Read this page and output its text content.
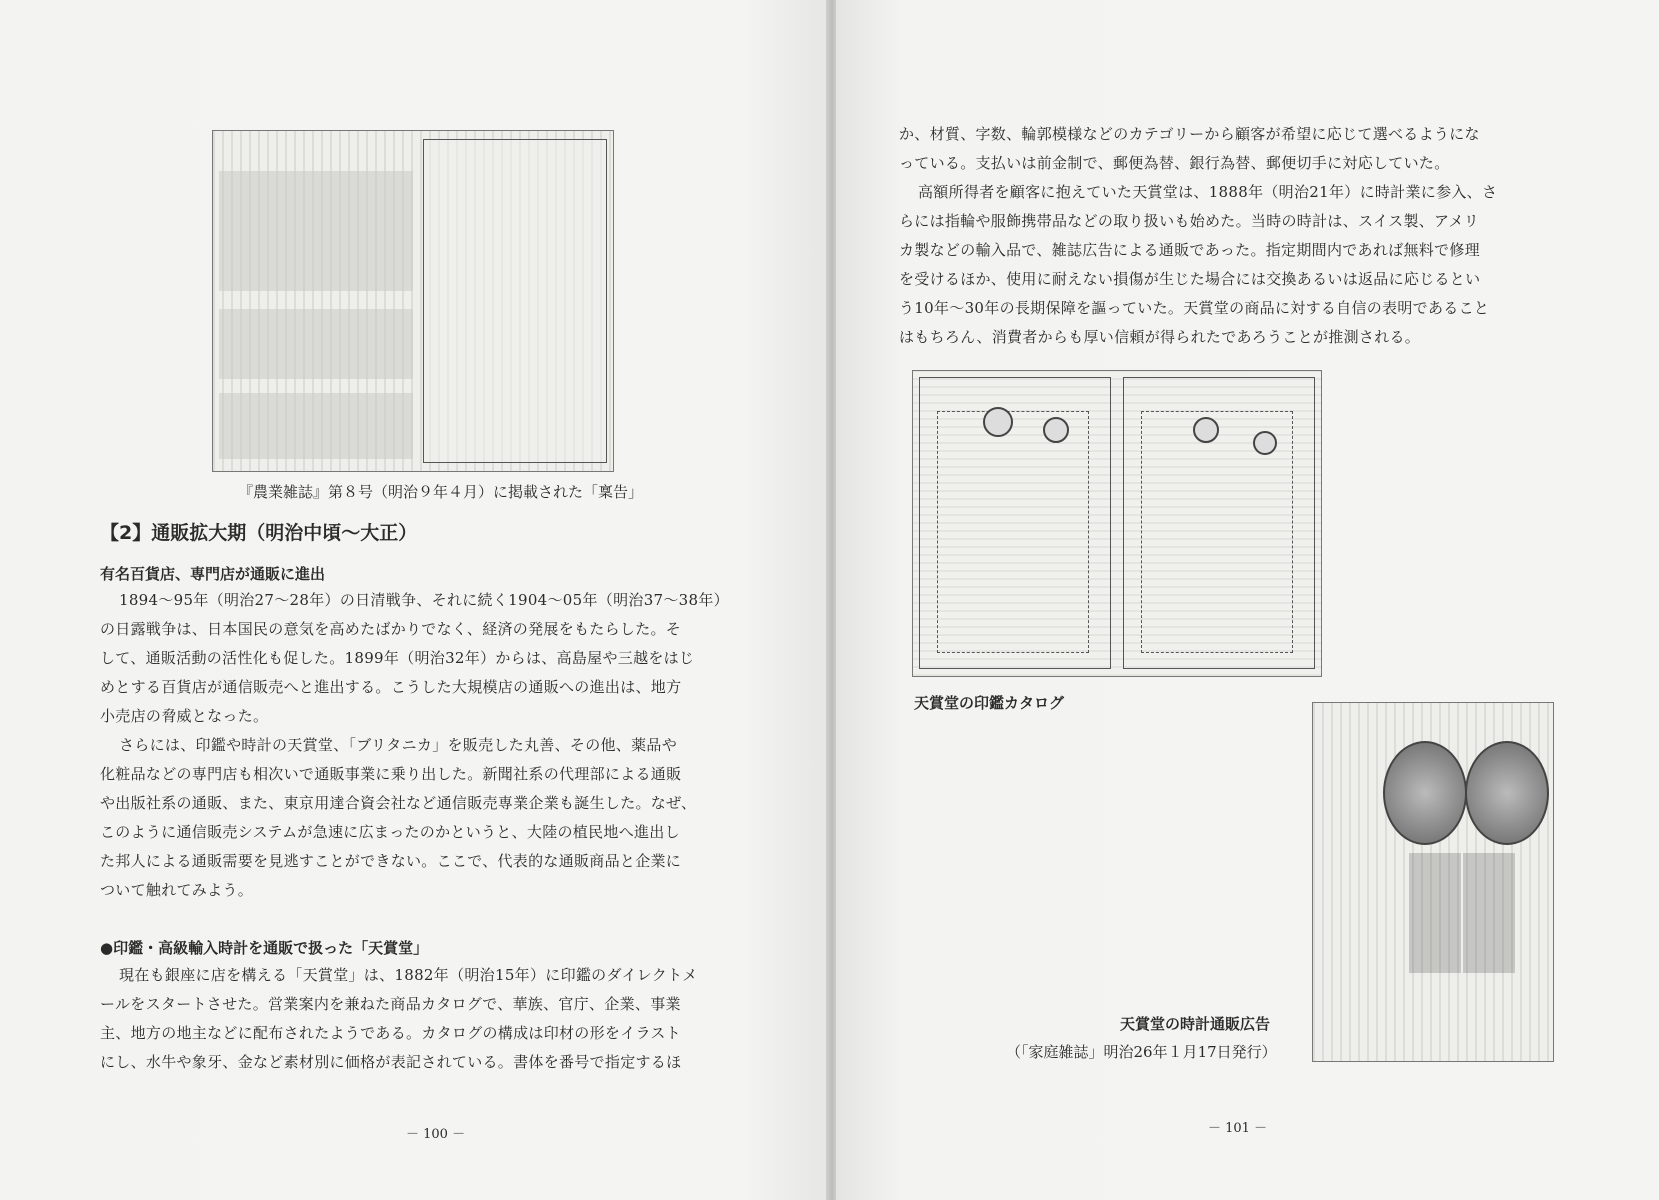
『農業雑誌』第８号（明治９年４月）に掲載された「稟告」
【2】通販拡大期（明治中頃～大正）
有名百貨店、専門店が通販に進出
1894～95年（明治27～28年）の日清戦争、それに続く1904～05年（明治37～38年）
の日露戦争は、日本国民の意気を高めたばかりでなく、経済の発展をもたらした。そ
して、通販活動の活性化も促した。1899年（明治32年）からは、高島屋や三越をはじ
めとする百貨店が通信販売へと進出する。こうした大規模店の通販への進出は、地方
小売店の脅威となった。
さらには、印鑑や時計の天賞堂、「ブリタニカ」を販売した丸善、その他、薬品や
化粧品などの専門店も相次いで通販事業に乗り出した。新聞社系の代理部による通販
や出版社系の通販、また、東京用達合資会社など通信販売専業企業も誕生した。なぜ、
このように通信販売システムが急速に広まったのかというと、大陸の植民地へ進出し
た邦人による通販需要を見逃すことができない。ここで、代表的な通販商品と企業に
ついて触れてみよう。
●印鑑・高級輸入時計を通販で扱った「天賞堂」
現在も銀座に店を構える「天賞堂」は、1882年（明治15年）に印鑑のダイレクトメ
ールをスタートさせた。営業案内を兼ねた商品カタログで、華族、官庁、企業、事業
主、地方の地主などに配布されたようである。カタログの構成は印材の形をイラスト
にし、水牛や象牙、金など素材別に価格が表記されている。書体を番号で指定するほ
－ 100 －
か、材質、字数、輪郭模様などのカテゴリーから顧客が希望に応じて選べるようにな
っている。支払いは前金制で、郵便為替、銀行為替、郵便切手に対応していた。
高額所得者を顧客に抱えていた天賞堂は、1888年（明治21年）に時計業に参入、さ
らには指輪や服飾携帯品などの取り扱いも始めた。当時の時計は、スイス製、アメリ
カ製などの輸入品で、雑誌広告による通販であった。指定期間内であれば無料で修理
を受けるほか、使用に耐えない損傷が生じた場合には交換あるいは返品に応じるとい
う10年～30年の長期保障を謳っていた。天賞堂の商品に対する自信の表明であること
はもちろん、消費者からも厚い信頼が得られたであろうことが推測される。
天賞堂の印鑑カタログ
天賞堂の時計通販広告
（「家庭雑誌」明治26年１月17日発行）
－ 101 －
